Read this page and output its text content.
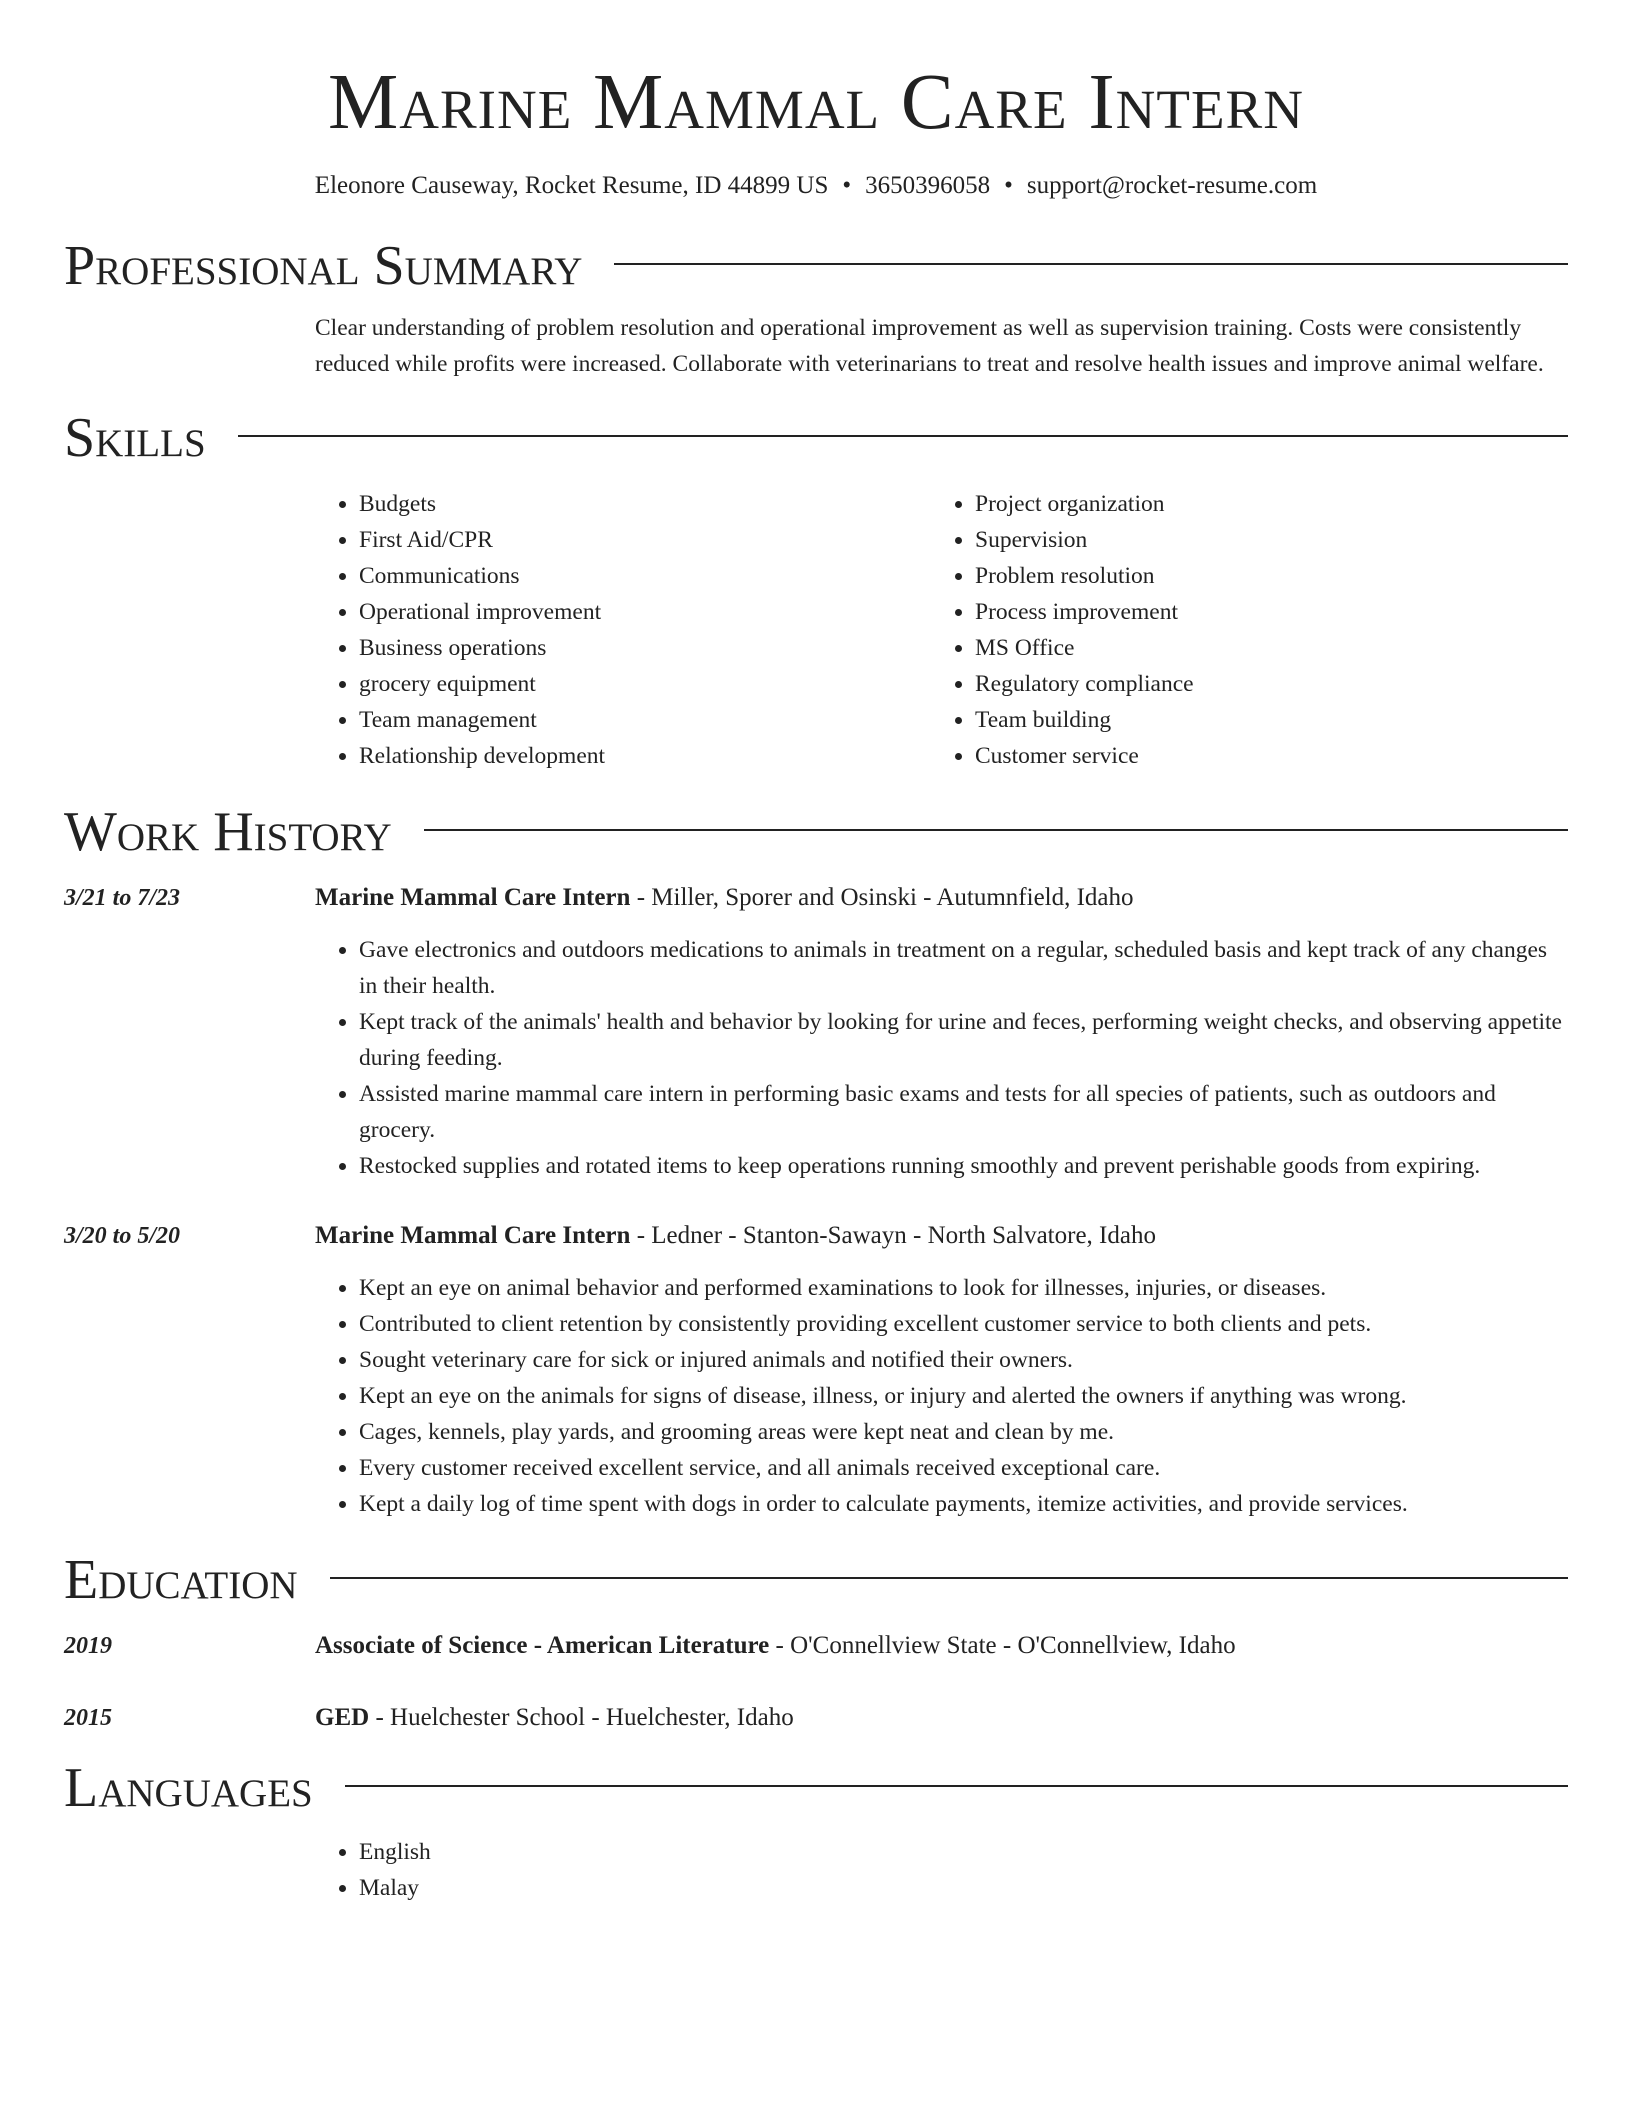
Marine Mammal Care Intern
Eleonore Causeway, Rocket Resume, ID 44899 US • 3650396058 • support@rocket-resume.com
Professional Summary
Clear understanding of problem resolution and operational improvement as well as supervision training. Costs were consistently reduced while profits were increased. Collaborate with veterinarians to treat and resolve health issues and improve animal welfare.
Skills
• Budgets
• First Aid/CPR
• Communications
• Operational improvement
• Business operations
• grocery equipment
• Team management
• Relationship development
• Project organization
• Supervision
• Problem resolution
• Process improvement
• MS Office
• Regulatory compliance
• Team building
• Customer service
Work History
3/21 to 7/23	Marine Mammal Care Intern - Miller, Sporer and Osinski - Autumnfield, Idaho
• Gave electronics and outdoors medications to animals in treatment on a regular, scheduled basis and kept track of any changes in their health.
• Kept track of the animals' health and behavior by looking for urine and feces, performing weight checks, and observing appetite during feeding.
• Assisted marine mammal care intern in performing basic exams and tests for all species of patients, such as outdoors and grocery.
• Restocked supplies and rotated items to keep operations running smoothly and prevent perishable goods from expiring.
3/20 to 5/20	Marine Mammal Care Intern - Ledner - Stanton-Sawayn - North Salvatore, Idaho
• Kept an eye on animal behavior and performed examinations to look for illnesses, injuries, or diseases.
• Contributed to client retention by consistently providing excellent customer service to both clients and pets.
• Sought veterinary care for sick or injured animals and notified their owners.
• Kept an eye on the animals for signs of disease, illness, or injury and alerted the owners if anything was wrong.
• Cages, kennels, play yards, and grooming areas were kept neat and clean by me.
• Every customer received excellent service, and all animals received exceptional care.
• Kept a daily log of time spent with dogs in order to calculate payments, itemize activities, and provide services.
Education
2019	Associate of Science - American Literature - O'Connellview State - O'Connellview, Idaho
2015	GED - Huelchester School - Huelchester, Idaho
Languages
• English
• Malay
